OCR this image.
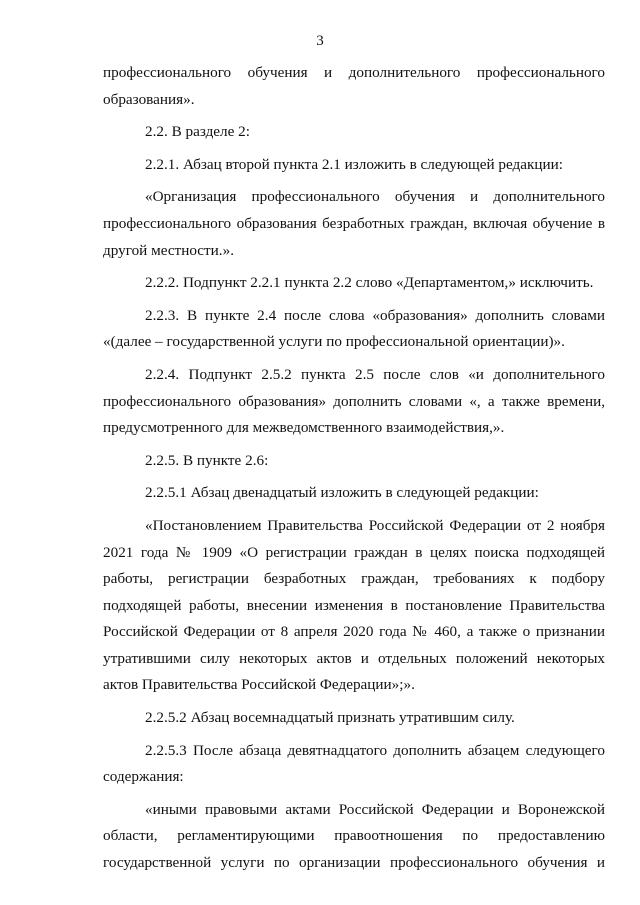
3
профессионального обучения и дополнительного профессионального
образования».
2.2. В разделе 2:
2.2.1. Абзац второй пункта 2.1 изложить в следующей редакции:
«Организация профессионального обучения и дополнительного
профессионального образования безработных граждан, включая обучение в
другой местности.».
2.2.2. Подпункт 2.2.1 пункта 2.2 слово «Департаментом,» исключить.
2.2.3. В пункте 2.4 после слова «образования» дополнить словами
«(далее – государственной услуги по профессиональной ориентации)».
2.2.4. Подпункт 2.5.2 пункта 2.5 после слов «и дополнительного
профессионального образования» дополнить словами «, а также времени,
предусмотренного для межведомственного взаимодействия,».
2.2.5. В пункте 2.6:
2.2.5.1 Абзац двенадцатый изложить в следующей редакции:
«Постановлением Правительства Российской Федерации от 2 ноября
2021 года № 1909 «О регистрации граждан в целях поиска подходящей
работы, регистрации безработных граждан, требованиях к подбору
подходящей работы, внесении изменения в постановление Правительства
Российской Федерации от 8 апреля 2020 года № 460, а также о признании
утратившими силу некоторых актов и отдельных положений некоторых
актов Правительства Российской Федерации»;».
2.2.5.2 Абзац восемнадцатый признать утратившим силу.
2.2.5.3 После абзаца девятнадцатого дополнить абзацем следующего
содержания:
«иными правовыми актами Российской Федерации и Воронежской
области, регламентирующими правоотношения по предоставлению
государственной услуги по организации профессионального обучения и
